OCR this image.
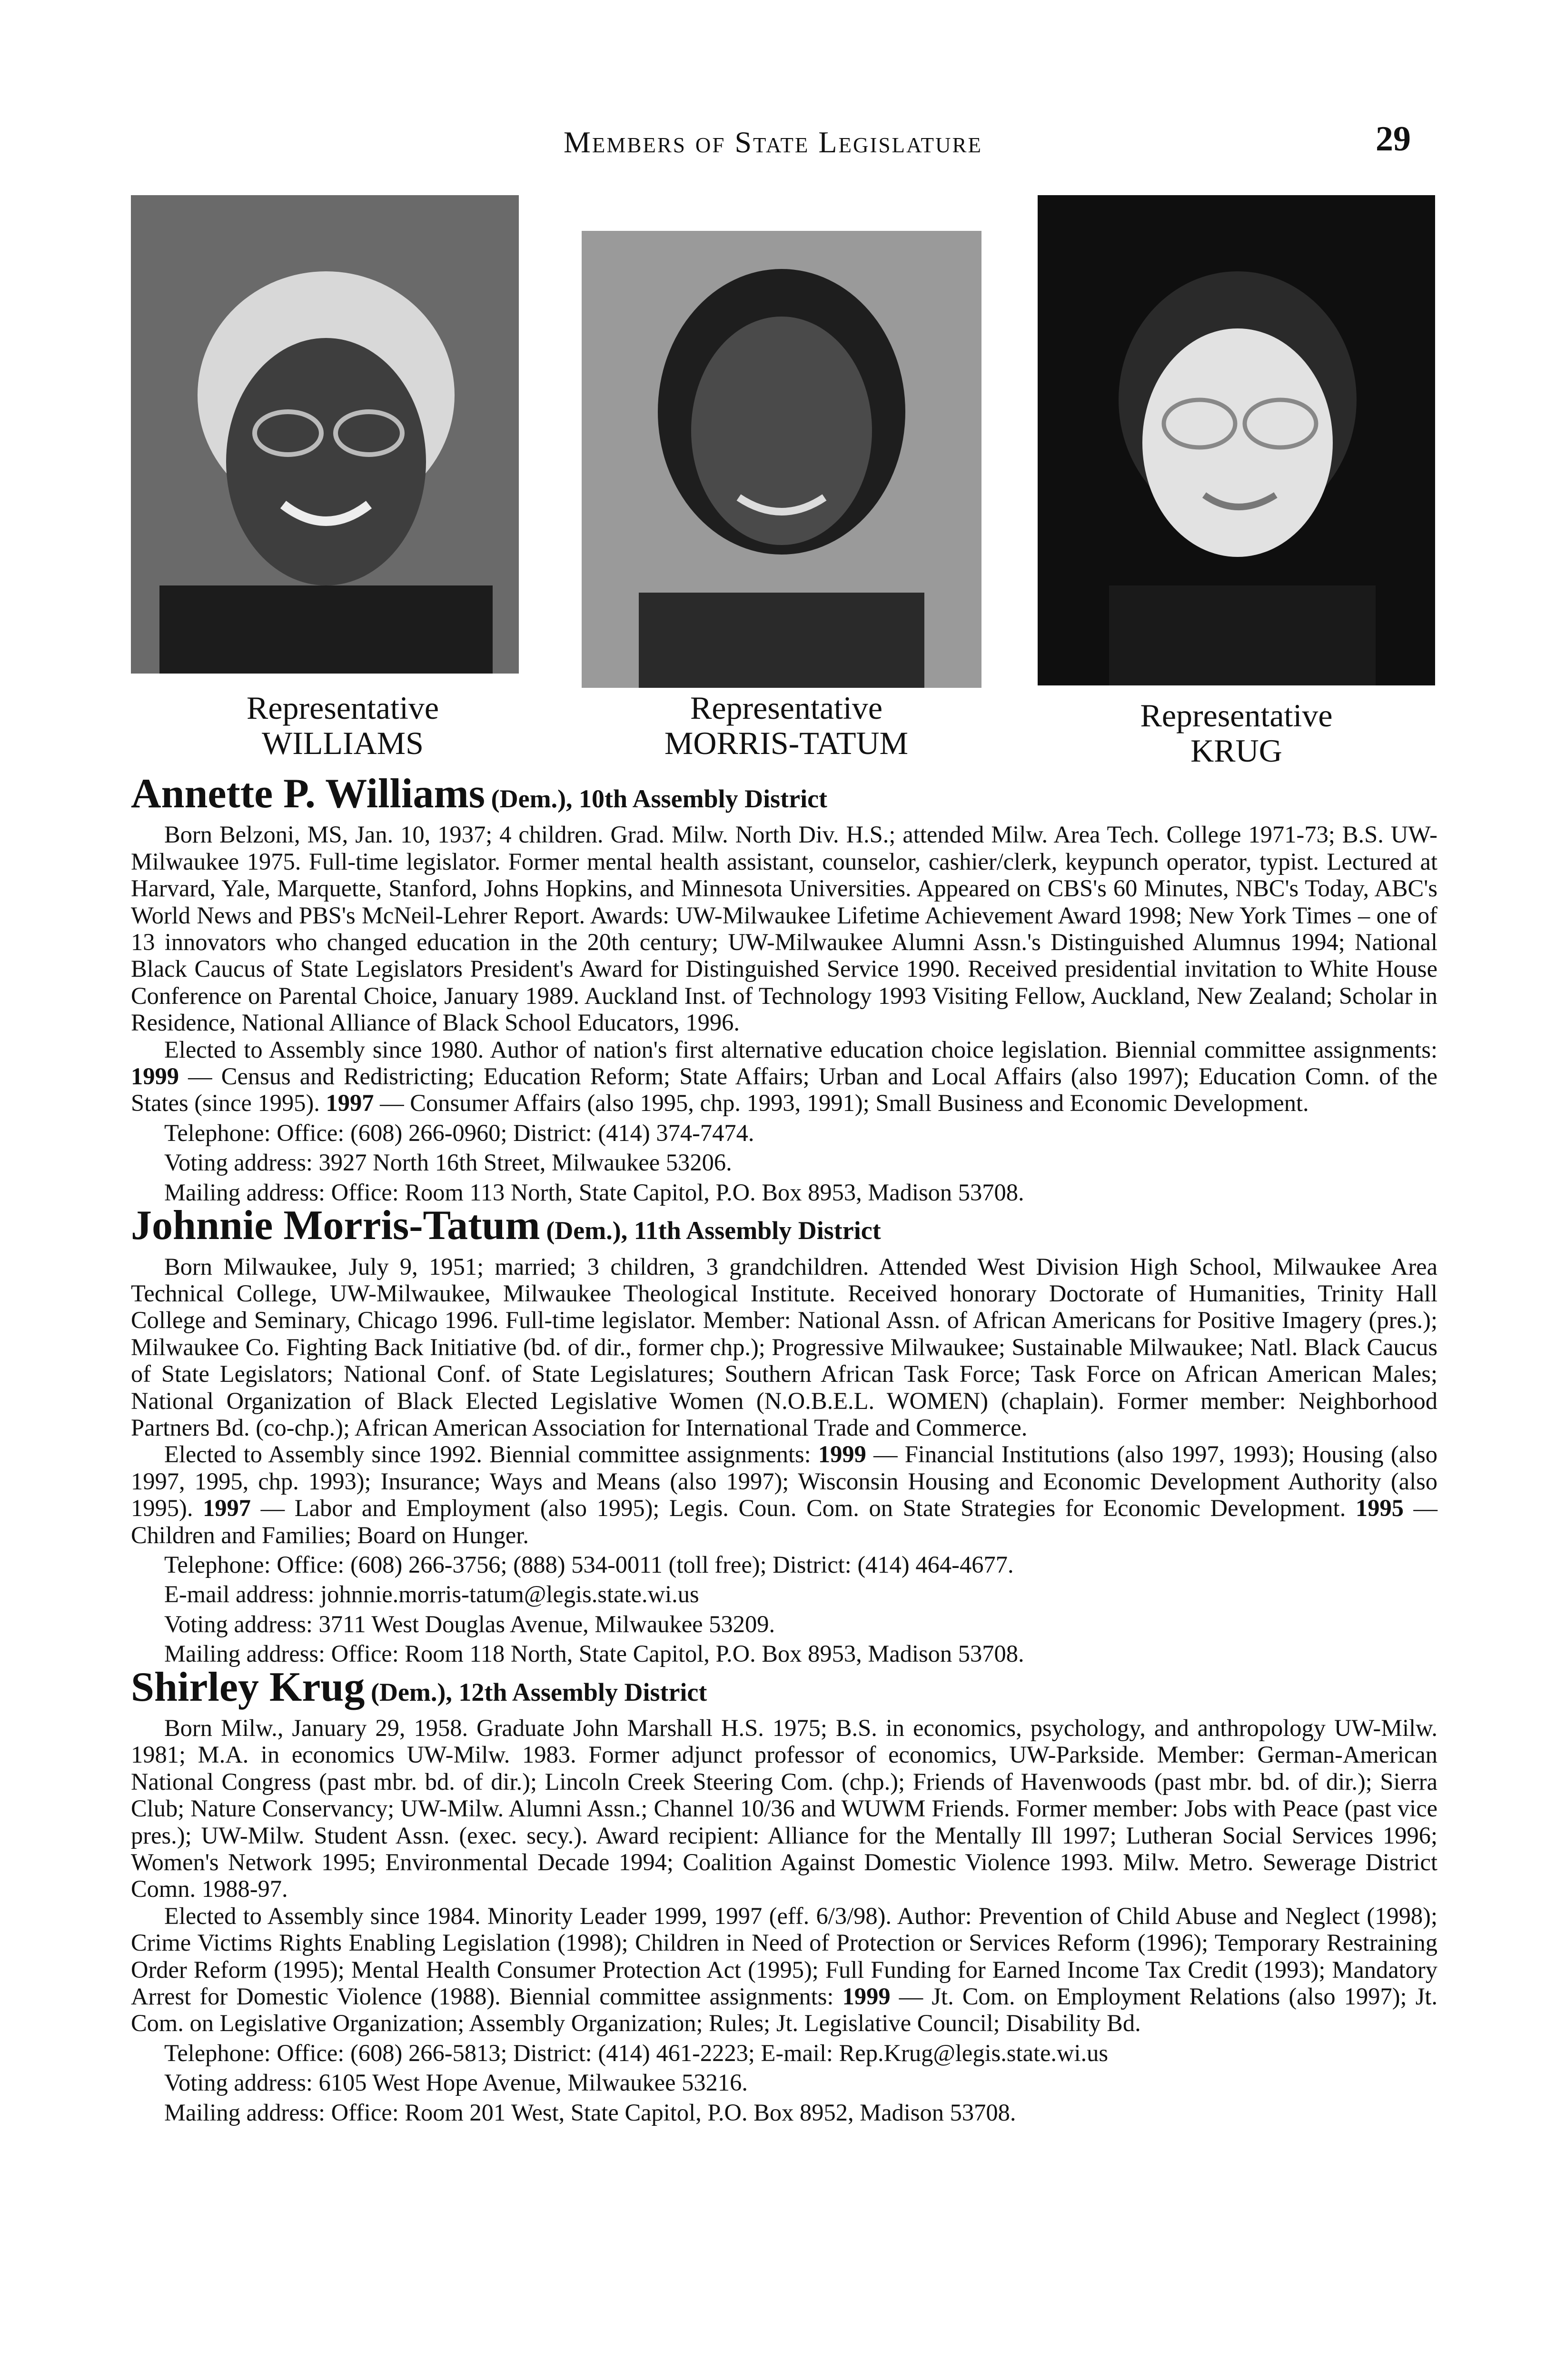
Members of State Legislature	29
Representative
WILLIAMS
Representative
MORRIS-TATUM
Representative
KRUG
Annette P. Williams (Dem.), 10th Assembly District

Born Belzoni, MS, Jan. 10, 1937; 4 children. Grad. Milw. North Div. H.S.; attended Milw. Area Tech. College 1971-73; B.S. UW-Milwaukee 1975. Full-time legislator. Former mental health assistant, counselor, cashier/clerk, keypunch operator, typist. Lectured at Harvard, Yale, Marquette, Stanford, Johns Hopkins, and Minnesota Universities. Appeared on CBS's 60 Minutes, NBC's Today, ABC's World News and PBS's McNeil-Lehrer Report. Awards: UW-Milwaukee Lifetime Achievement Award 1998; New York Times – one of 13 innovators who changed education in the 20th century; UW-Milwaukee Alumni Assn.'s Distinguished Alumnus 1994; National Black Caucus of State Legislators President's Award for Distinguished Service 1990. Received presidential invitation to White House Conference on Parental Choice, January 1989. Auckland Inst. of Technology 1993 Visiting Fellow, Auckland, New Zealand; Scholar in Residence, National Alliance of Black School Educators, 1996.

Elected to Assembly since 1980. Author of nation's first alternative education choice legislation. Biennial committee assignments: 1999 — Census and Redistricting; Education Reform; State Affairs; Urban and Local Affairs (also 1997); Education Comn. of the States (since 1995). 1997 — Consumer Affairs (also 1995, chp. 1993, 1991); Small Business and Economic Development.

Telephone: Office: (608) 266-0960; District: (414) 374-7474.

Voting address: 3927 North 16th Street, Milwaukee 53206.

Mailing address: Office: Room 113 North, State Capitol, P.O. Box 8953, Madison 53708.

Johnnie Morris-Tatum (Dem.), 11th Assembly District

Born Milwaukee, July 9, 1951; married; 3 children, 3 grandchildren. Attended West Division High School, Milwaukee Area Technical College, UW-Milwaukee, Milwaukee Theological Institute. Received honorary Doctorate of Humanities, Trinity Hall College and Seminary, Chicago 1996. Full-time legislator. Member: National Assn. of African Americans for Positive Imagery (pres.); Milwaukee Co. Fighting Back Initiative (bd. of dir., former chp.); Progressive Milwaukee; Sustainable Milwaukee; Natl. Black Caucus of State Legislators; National Conf. of State Legislatures; Southern African Task Force; Task Force on African American Males; National Organization of Black Elected Legislative Women (N.O.B.E.L. WOMEN) (chaplain). Former member: Neighborhood Partners Bd. (co-chp.); African American Association for International Trade and Commerce.

Elected to Assembly since 1992. Biennial committee assignments: 1999 — Financial Institutions (also 1997, 1993); Housing (also 1997, 1995, chp. 1993); Insurance; Ways and Means (also 1997); Wisconsin Housing and Economic Development Authority (also 1995). 1997 — Labor and Employment (also 1995); Legis. Coun. Com. on State Strategies for Economic Development. 1995 — Children and Families; Board on Hunger.

Telephone: Office: (608) 266-3756; (888) 534-0011 (toll free); District: (414) 464-4677.

E-mail address: johnnie.morris-tatum@legis.state.wi.us

Voting address: 3711 West Douglas Avenue, Milwaukee 53209.

Mailing address: Office: Room 118 North, State Capitol, P.O. Box 8953, Madison 53708.

Shirley Krug (Dem.), 12th Assembly District

Born Milw., January 29, 1958. Graduate John Marshall H.S. 1975; B.S. in economics, psychology, and anthropology UW-Milw. 1981; M.A. in economics UW-Milw. 1983. Former adjunct professor of economics, UW-Parkside. Member: German-American National Congress (past mbr. bd. of dir.); Lincoln Creek Steering Com. (chp.); Friends of Havenwoods (past mbr. bd. of dir.); Sierra Club; Nature Conservancy; UW-Milw. Alumni Assn.; Channel 10/36 and WUWM Friends. Former member: Jobs with Peace (past vice pres.); UW-Milw. Student Assn. (exec. secy.). Award recipient: Alliance for the Mentally Ill 1997; Lutheran Social Services 1996; Women's Network 1995; Environmental Decade 1994; Coalition Against Domestic Violence 1993. Milw. Metro. Sewerage District Comn. 1988-97.

Elected to Assembly since 1984. Minority Leader 1999, 1997 (eff. 6/3/98). Author: Prevention of Child Abuse and Neglect (1998); Crime Victims Rights Enabling Legislation (1998); Children in Need of Protection or Services Reform (1996); Temporary Restraining Order Reform (1995); Mental Health Consumer Protection Act (1995); Full Funding for Earned Income Tax Credit (1993); Mandatory Arrest for Domestic Violence (1988). Biennial committee assignments: 1999 — Jt. Com. on Employment Relations (also 1997); Jt. Com. on Legislative Organization; Assembly Organization; Rules; Jt. Legislative Council; Disability Bd.

Telephone: Office: (608) 266-5813; District: (414) 461-2223; E-mail: Rep.Krug@legis.state.wi.us

Voting address: 6105 West Hope Avenue, Milwaukee 53216.

Mailing address: Office: Room 201 West, State Capitol, P.O. Box 8952, Madison 53708.
